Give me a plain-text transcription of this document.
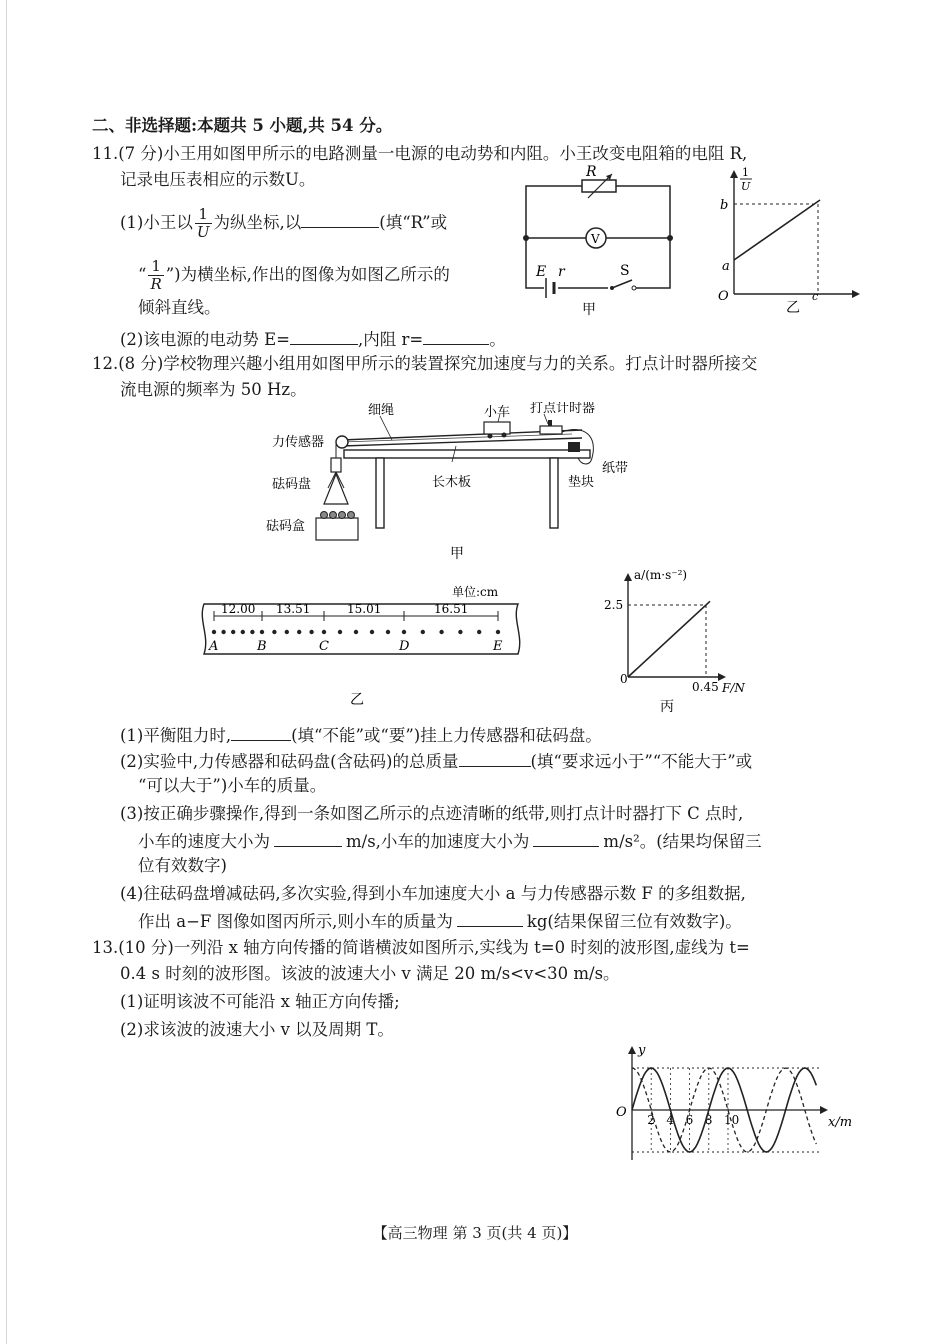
二、非选择题:本题共 5 小题,共 54 分。
11.(7 分)小王用如图甲所示的电路测量一电源的电动势和内阻。小王改变电阻箱的电阻 R,
记录电压表相应的示数U。
(1)小王以 $\frac{1}{U}$ 为纵坐标,以	(填“R”或
“ $\frac{1}{R}$ ”)为横坐标,作出的图像为如图乙所示的
倾斜直线。
(2)该电源的电动势 E=	,内阻 r=	。
R
V
E r	S
甲
1
U
b
a
O	c
乙
12.(8 分)学校物理兴趣小组用如图甲所示的装置探究加速度与力的关系。打点计时器所接交
流电源的频率为 50 Hz。
细绳	小车 打点计时器
力传感器
砝码盘	长木板
纸带
垫块
砝码盒
甲
单位:cm
A	B	C	D	E
12.00 13.51	15.01	16.51
乙
a/(m·s⁻²)
2.5
0
0.45 F/N
丙
(1)平衡阻力时,	(填“不能”或“要”)挂上力传感器和砝码盘。
(2)实验中,力传感器和砝码盘(含砝码)的总质量	(填“要求远小于”“不能大于”或
“可以大于”)小车的质量。
(3)按正确步骤操作,得到一条如图乙所示的点迹清晰的纸带,则打点计时器打下 C 点时,
小车的速度大小为	m/s,小车的加速度大小为	m/s²。(结果均保留三
位有效数字)
(4)往砝码盘增减砝码,多次实验,得到小车加速度大小 a 与力传感器示数 F 的多组数据,
作出 a−F 图像如图丙所示,则小车的质量为	kg(结果保留三位有效数字)。
13.(10 分)一列沿 x 轴方向传播的简谐横波如图所示,实线为 t=0 时刻的波形图,虚线为 t=
0.4 s 时刻的波形图。该波的波速大小 v 满足 20 m/s<v<30 m/s。
(1)证明该波不可能沿 x 轴正方向传播;
(2)求该波的波速大小 v 以及周期 T。
2 4 6 8 10
y
O
x/m
【高三物理 第 3 页(共 4 页)】
